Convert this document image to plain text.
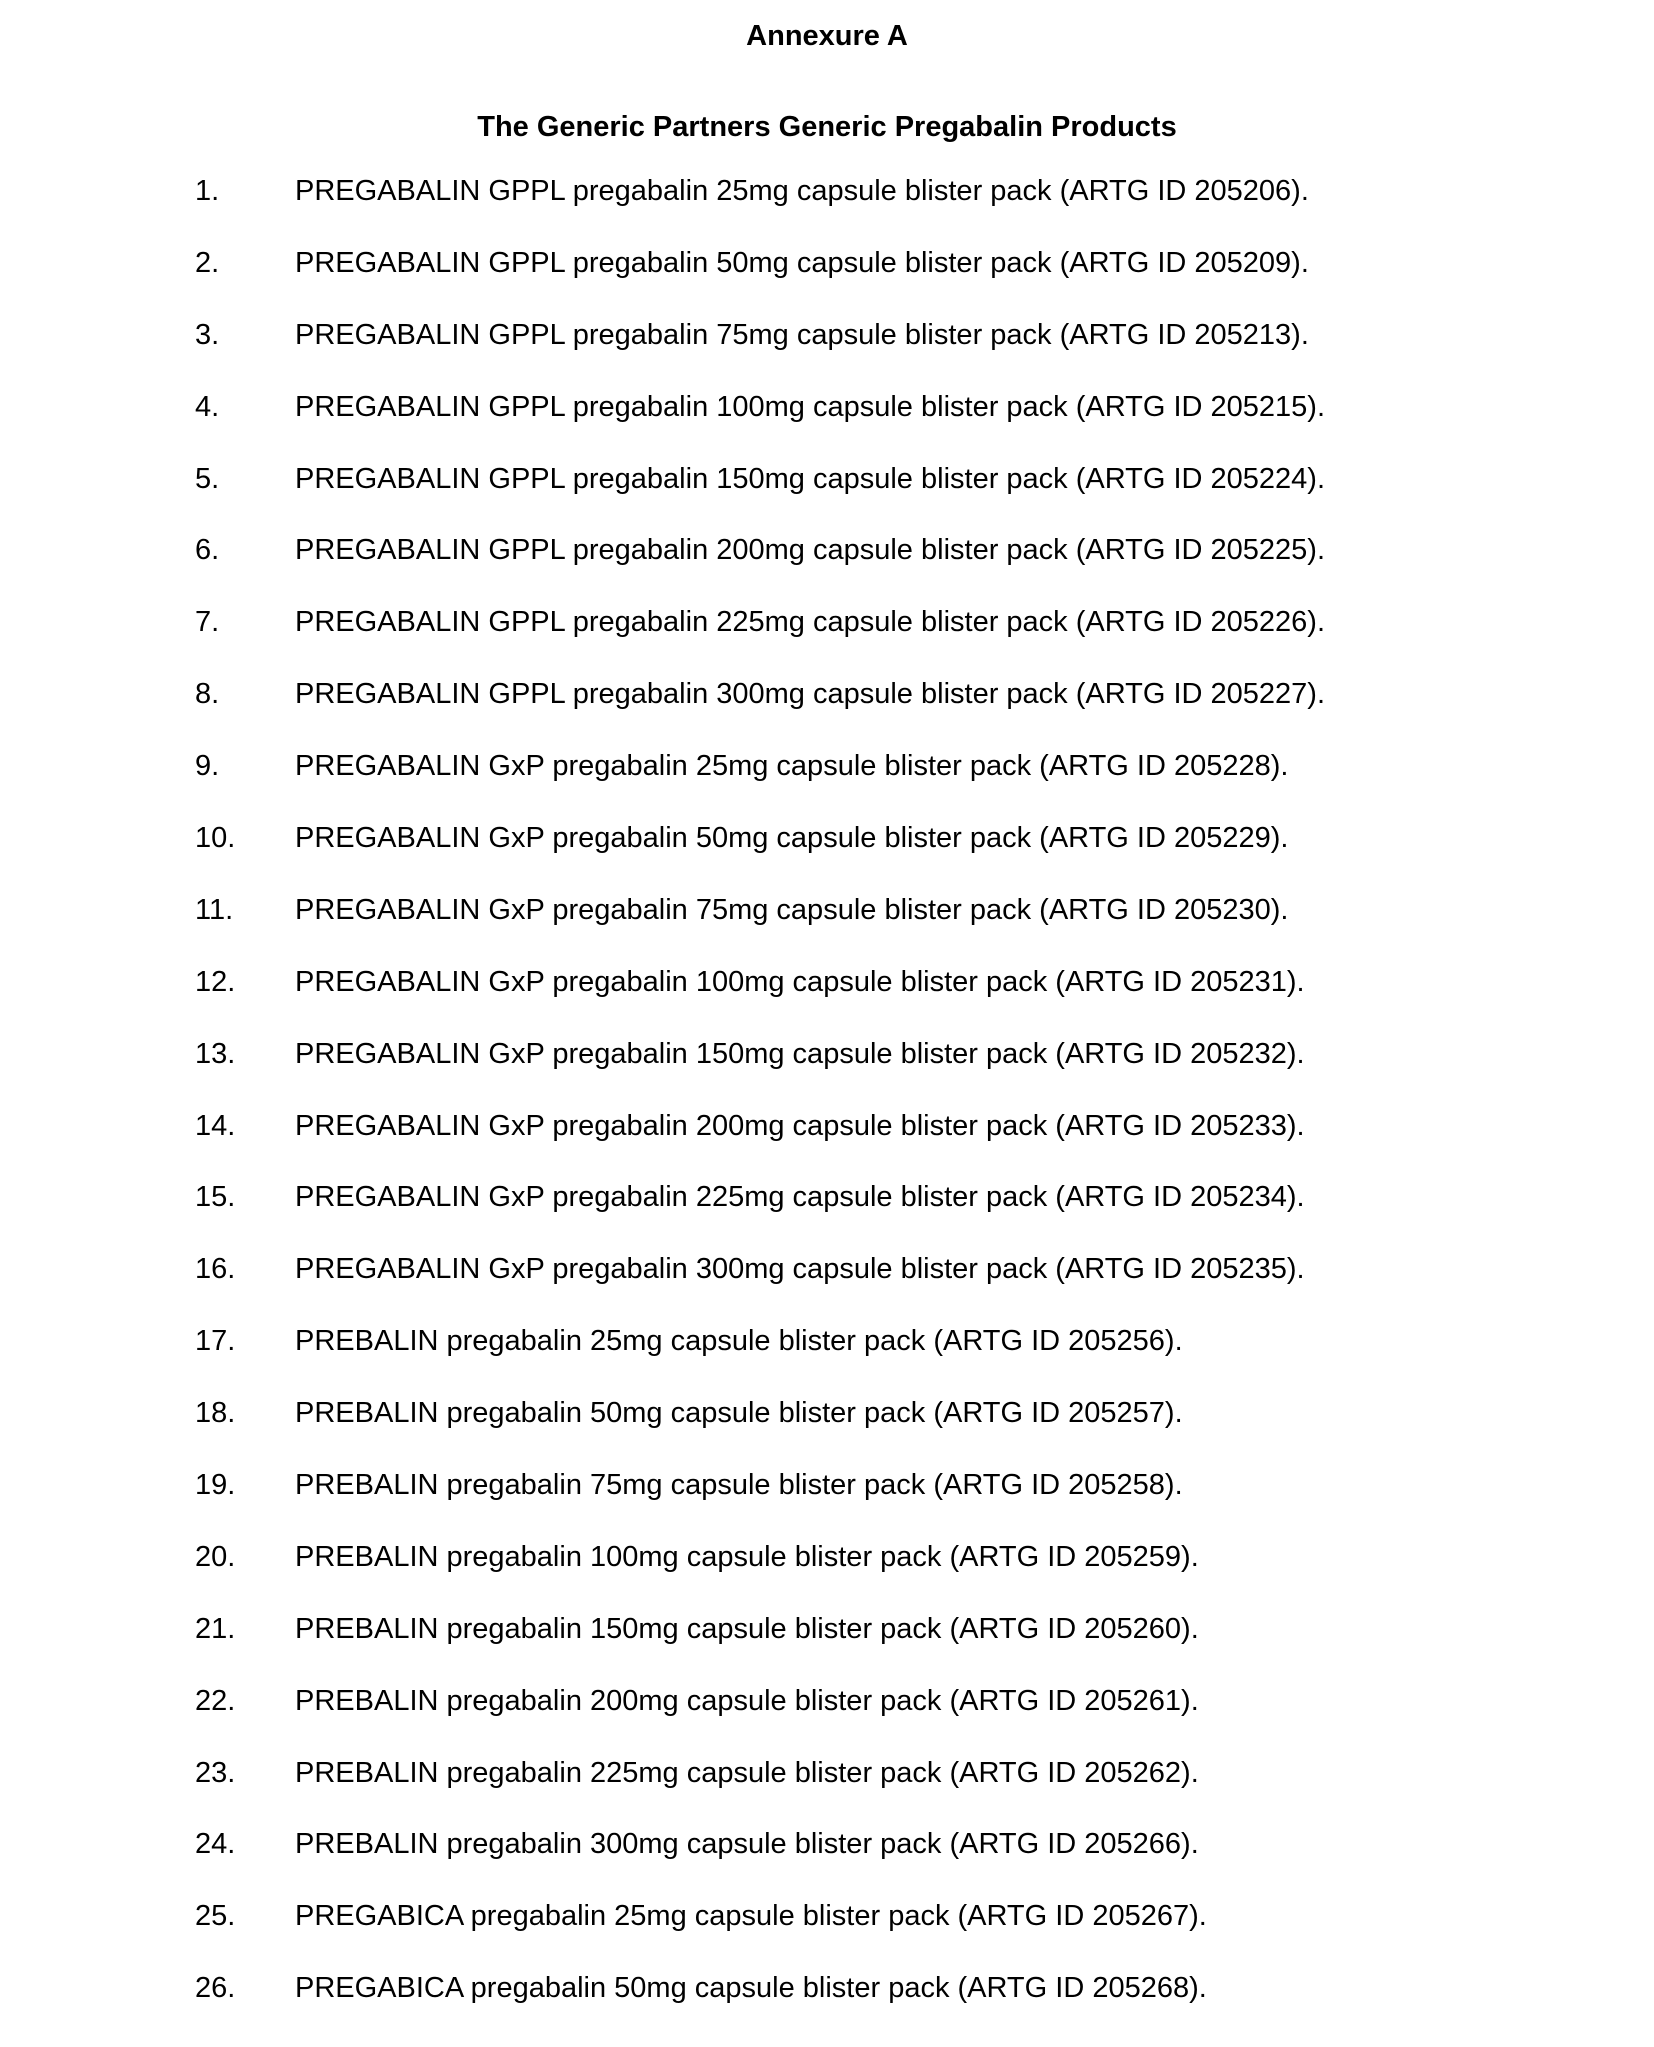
Annexure A
The Generic Partners Generic Pregabalin Products
1.	PREGABALIN GPPL pregabalin 25mg capsule blister pack (ARTG ID 205206).
2.	PREGABALIN GPPL pregabalin 50mg capsule blister pack (ARTG ID 205209).
3.	PREGABALIN GPPL pregabalin 75mg capsule blister pack (ARTG ID 205213).
4.	PREGABALIN GPPL pregabalin 100mg capsule blister pack (ARTG ID 205215).
5.	PREGABALIN GPPL pregabalin 150mg capsule blister pack (ARTG ID 205224).
6.	PREGABALIN GPPL pregabalin 200mg capsule blister pack (ARTG ID 205225).
7.	PREGABALIN GPPL pregabalin 225mg capsule blister pack (ARTG ID 205226).
8.	PREGABALIN GPPL pregabalin 300mg capsule blister pack (ARTG ID 205227).
9.	PREGABALIN GxP pregabalin 25mg capsule blister pack (ARTG ID 205228).
10. PREGABALIN GxP pregabalin 50mg capsule blister pack (ARTG ID 205229).
11. PREGABALIN GxP pregabalin 75mg capsule blister pack (ARTG ID 205230).
12. PREGABALIN GxP pregabalin 100mg capsule blister pack (ARTG ID 205231).
13. PREGABALIN GxP pregabalin 150mg capsule blister pack (ARTG ID 205232).
14. PREGABALIN GxP pregabalin 200mg capsule blister pack (ARTG ID 205233).
15. PREGABALIN GxP pregabalin 225mg capsule blister pack (ARTG ID 205234).
16. PREGABALIN GxP pregabalin 300mg capsule blister pack (ARTG ID 205235).
17. PREBALIN pregabalin 25mg capsule blister pack (ARTG ID 205256).
18. PREBALIN pregabalin 50mg capsule blister pack (ARTG ID 205257).
19. PREBALIN pregabalin 75mg capsule blister pack (ARTG ID 205258).
20. PREBALIN pregabalin 100mg capsule blister pack (ARTG ID 205259).
21. PREBALIN pregabalin 150mg capsule blister pack (ARTG ID 205260).
22. PREBALIN pregabalin 200mg capsule blister pack (ARTG ID 205261).
23. PREBALIN pregabalin 225mg capsule blister pack (ARTG ID 205262).
24. PREBALIN pregabalin 300mg capsule blister pack (ARTG ID 205266).
25. PREGABICA pregabalin 25mg capsule blister pack (ARTG ID 205267).
26. PREGABICA pregabalin 50mg capsule blister pack (ARTG ID 205268).
